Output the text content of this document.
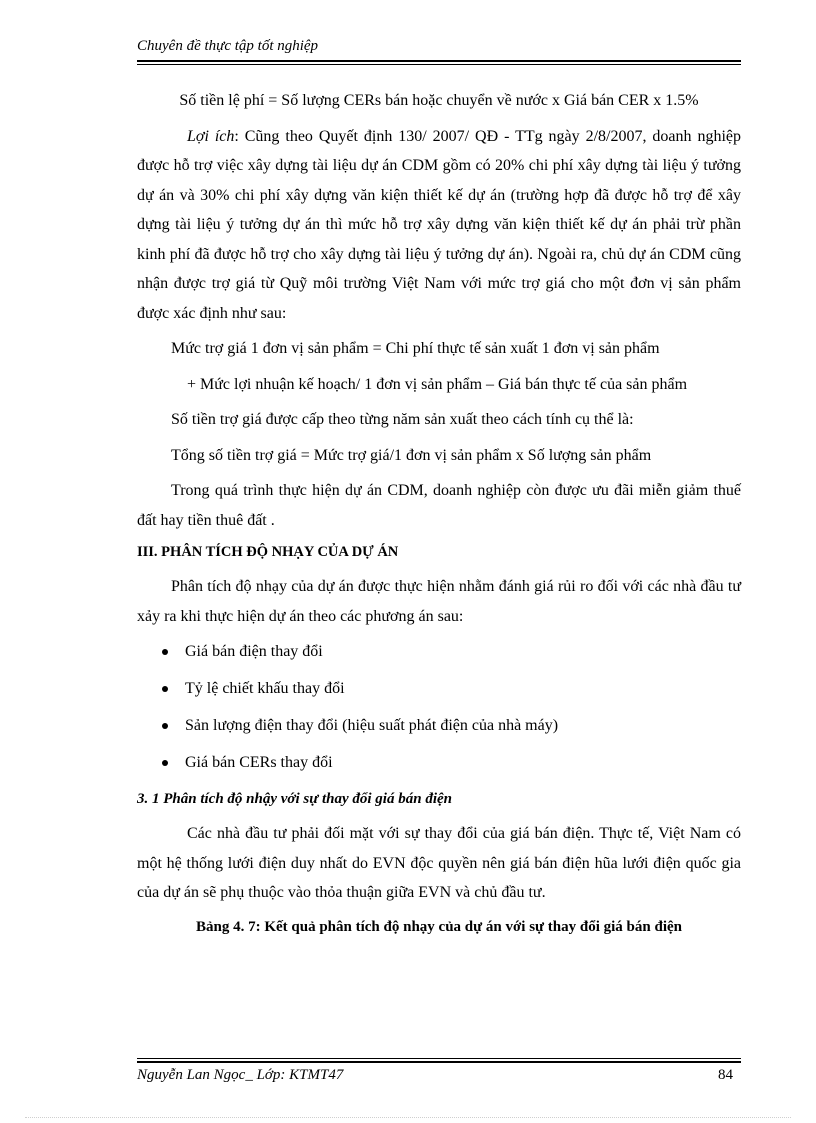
Chuyên đề thực tập tốt nghiệp

Số tiền lệ phí = Số lượng CERs bán hoặc chuyển về nước x Giá bán CER x 1.5%

Lợi ích: Cũng theo Quyết định 130/ 2007/ QĐ - TTg ngày 2/8/2007, doanh nghiệp được hỗ trợ việc xây dựng tài liệu dự án CDM gồm có 20% chi phí xây dựng tài liệu ý tưởng dự án và 30% chi phí xây dựng văn kiện thiết kế dự án (trường hợp đã được hỗ trợ để xây dựng tài liệu ý tưởng dự án thì mức hỗ trợ xây dựng văn kiện thiết kế dự án phải trừ phần kinh phí đã được hỗ trợ cho xây dựng tài liệu ý tưởng dự án). Ngoài ra, chủ dự án CDM cũng nhận được trợ giá từ Quỹ môi trường Việt Nam với mức trợ giá cho một đơn vị sản phẩm được xác định như sau:

Mức trợ giá 1 đơn vị sản phẩm = Chi phí thực tế sản xuất 1 đơn vị sản phẩm

+ Mức lợi nhuận kế hoạch/ 1 đơn vị sản phẩm – Giá bán thực tế của sản phẩm

Số tiền trợ giá được cấp theo từng năm sản xuất theo cách tính cụ thể là:

Tổng số tiền trợ giá = Mức trợ giá/1 đơn vị sản phẩm x Số lượng sản phẩm

Trong quá trình thực hiện dự án CDM, doanh nghiệp còn được ưu đãi miễn giảm thuế đất hay tiền thuê đất .

III. PHÂN TÍCH ĐỘ NHẠY CỦA DỰ ÁN

Phân tích độ nhạy của dự án được thực hiện nhằm đánh giá rủi ro đối với các nhà đầu tư xảy ra khi thực hiện dự án theo các phương án sau:

Giá bán điện thay đổi
Tỷ lệ chiết khấu thay đổi
Sản lượng điện thay đổi (hiệu suất phát điện của nhà máy)
Giá bán CERs thay đổi

3. 1 Phân tích độ nhậy với sự thay đổi giá bán điện

Các nhà đầu tư phải đối mặt với sự thay đổi của giá bán điện. Thực tế, Việt Nam có một hệ thống lưới điện duy nhất do EVN độc quyền nên giá bán điện hũa lưới điện quốc gia của dự án sẽ phụ thuộc vào thỏa thuận giữa EVN và chủ đầu tư.

Bảng 4. 7: Kết quả phân tích độ nhạy của dự án với sự thay đổi giá bán điện

Nguyễn Lan Ngọc_ Lớp: KTMT47	84
